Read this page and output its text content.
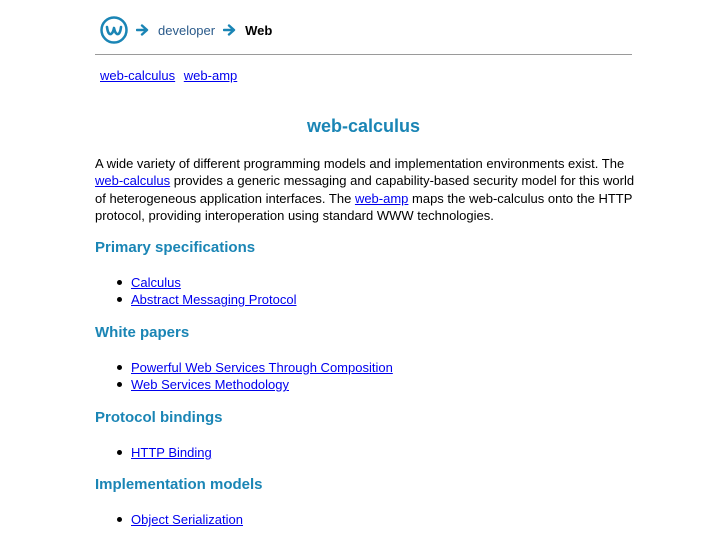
developer Web
web-calculus web-amp
web-calculus

A wide variety of different programming models and implementation environments exist. The web-calculus provides a generic messaging and capability-based security model for this world of heterogeneous application interfaces. The web-amp maps the web-calculus onto the HTTP protocol, providing interoperation using standard WWW technologies.

Primary specifications
Calculus
Abstract Messaging Protocol
White papers
Powerful Web Services Through Composition
Web Services Methodology
Protocol bindings
HTTP Binding
Implementation models
Object Serialization
